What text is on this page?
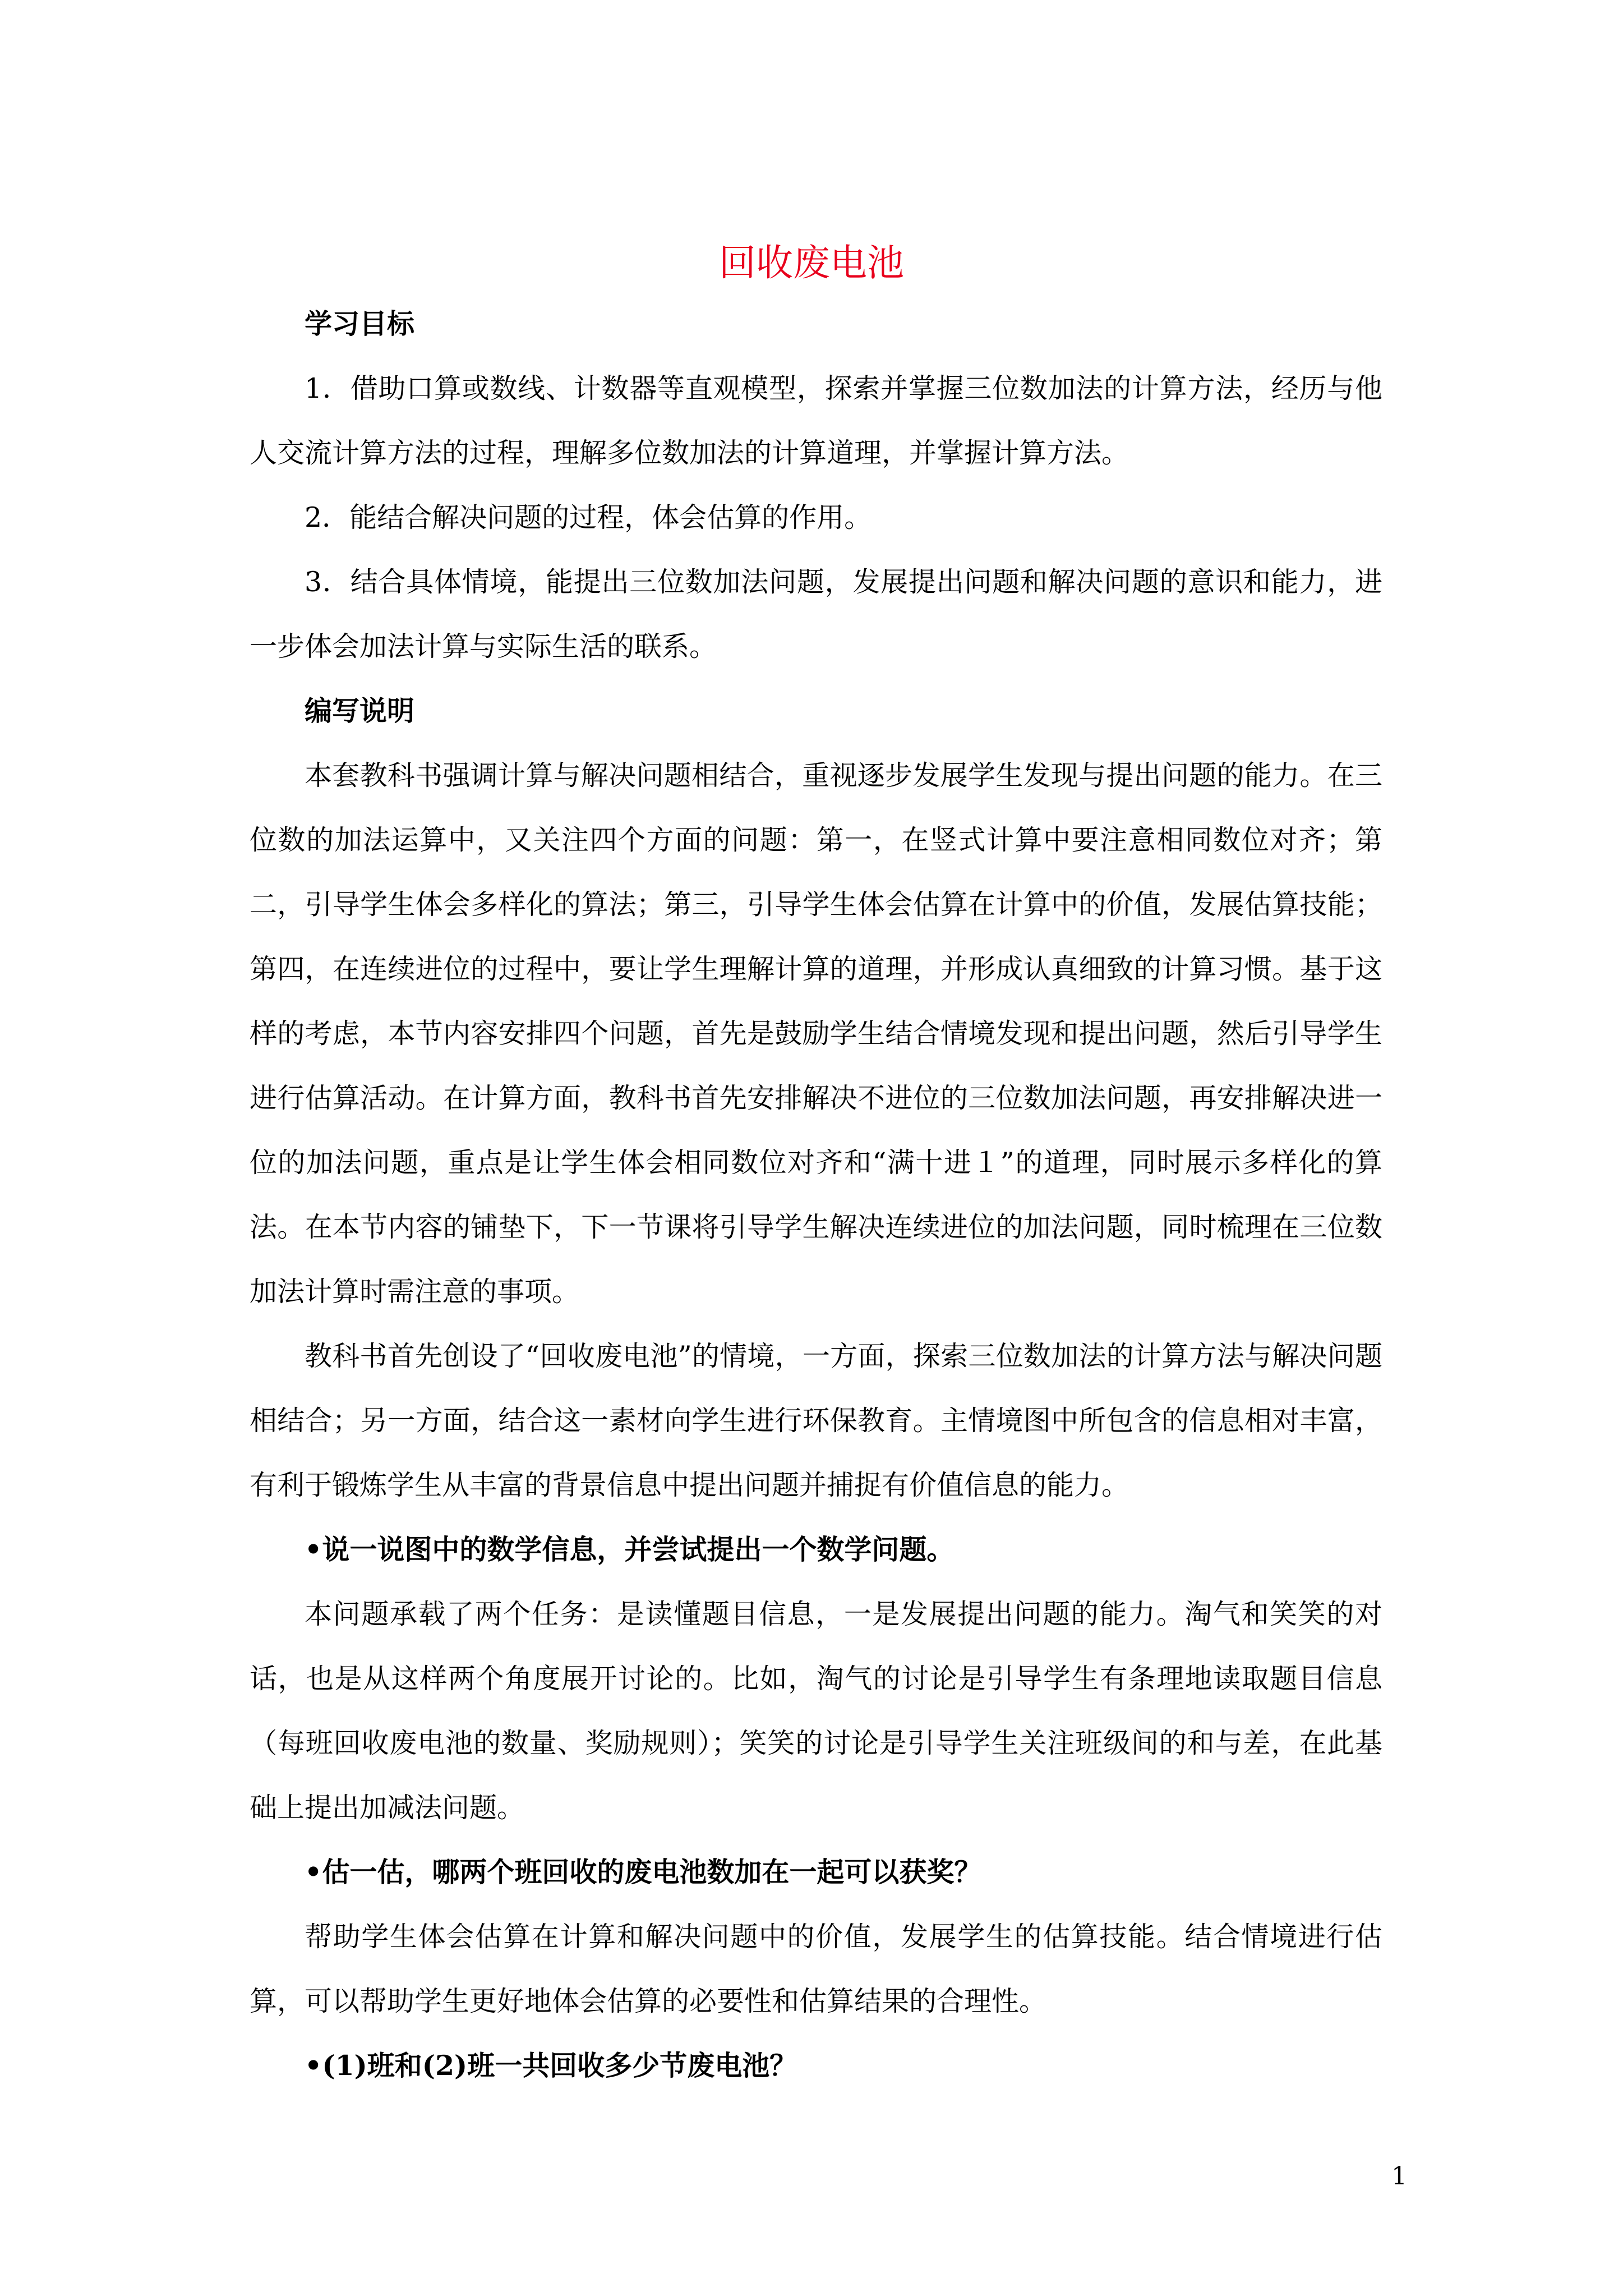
回收废电池

学习目标

1．借助口算或数线、计数器等直观模型，探索并掌握三位数加法的计算方法，经历与他人交流计算方法的过程，理解多位数加法的计算道理，并掌握计算方法。

2．能结合解决问题的过程，体会估算的作用。

3．结合具体情境，能提出三位数加法问题，发展提出问题和解决问题的意识和能力，进一步体会加法计算与实际生活的联系。

编写说明

本套教科书强调计算与解决问题相结合，重视逐步发展学生发现与提出问题的能力。在三位数的加法运算中，又关注四个方面的问题：第一，在竖式计算中要注意相同数位对齐；第二，引导学生体会多样化的算法；第三，引导学生体会估算在计算中的价值，发展估算技能；第四，在连续进位的过程中，要让学生理解计算的道理，并形成认真细致的计算习惯。基于这样的考虑，本节内容安排四个问题，首先是鼓励学生结合情境发现和提出问题，然后引导学生进行估算活动。在计算方面，教科书首先安排解决不进位的三位数加法问题，再安排解决进一位的加法问题，重点是让学生体会相同数位对齐和“满十进１”的道理，同时展示多样化的算法。在本节内容的铺垫下，下一节课将引导学生解决连续进位的加法问题，同时梳理在三位数加法计算时需注意的事项。

教科书首先创设了“回收废电池”的情境，一方面，探索三位数加法的计算方法与解决问题相结合；另一方面，结合这一素材向学生进行环保教育。主情境图中所包含的信息相对丰富，有利于锻炼学生从丰富的背景信息中提出问题并捕捉有价值信息的能力。

•说一说图中的数学信息，并尝试提出一个数学问题。

本问题承载了两个任务：是读懂题目信息，一是发展提出问题的能力。淘气和笑笑的对话，也是从这样两个角度展开讨论的。比如，淘气的讨论是引导学生有条理地读取题目信息（每班回收废电池的数量、奖励规则）；笑笑的讨论是引导学生关注班级间的和与差，在此基础上提出加减法问题。

•估一估，哪两个班回收的废电池数加在一起可以获奖？

帮助学生体会估算在计算和解决问题中的价值，发展学生的估算技能。结合情境进行估算，可以帮助学生更好地体会估算的必要性和估算结果的合理性。

•(1)班和(2)班一共回收多少节废电池？

1
